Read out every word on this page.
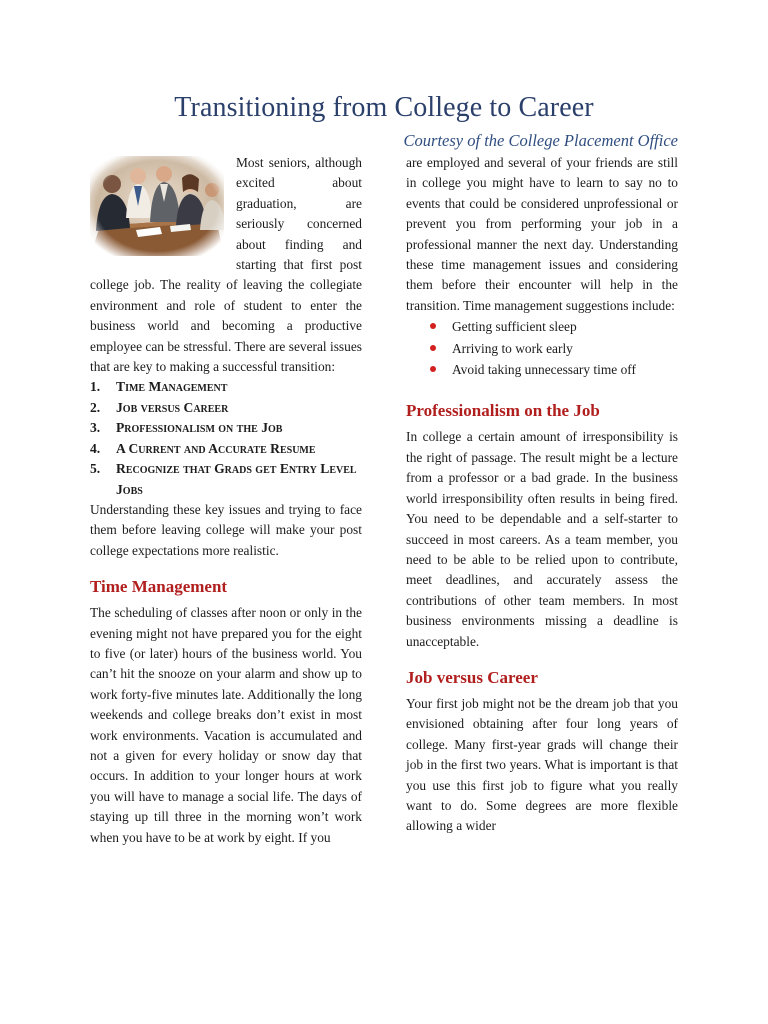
Transitioning from College to Career
Courtesy of the College Placement Office

Most seniors, although excited about graduation, are seriously concerned about finding and starting that first post college job. The reality of leaving the collegiate environment and role of student to enter the business world and becoming a productive employee can be stressful. There are several issues that are key to making a successful transition:

1. Time Management
2. Job versus Career
3. Professionalism on the Job
4. A Current and Accurate Resume
5. Recognize that Grads get Entry Level Jobs

Understanding these key issues and trying to face them before leaving college will make your post college expectations more realistic.

Time Management

The scheduling of classes after noon or only in the evening might not have prepared you for the eight to five (or later) hours of the business world. You can’t hit the snooze on your alarm and show up to work forty-five minutes late. Additionally the long weekends and college breaks don’t exist in most work environments. Vacation is accumulated and not a given for every holiday or snow day that occurs. In addition to your longer hours at work you will have to manage a social life. The days of staying up till three in the morning won’t work when you have to be at work by eight. If you

are employed and several of your friends are still in college you might have to learn to say no to events that could be considered unprofessional or prevent you from performing your job in a professional manner the next day. Understanding these time management issues and considering them before their encounter will help in the transition. Time management suggestions include:

Getting sufficient sleep
Arriving to work early
Avoid taking unnecessary time off
Professionalism on the Job

In college a certain amount of irresponsibility is the right of passage. The result might be a lecture from a professor or a bad grade. In the business world irresponsibility often results in being fired. You need to be dependable and a self-starter to succeed in most careers. As a team member, you need to be able to be relied upon to contribute, meet deadlines, and accurately assess the contributions of other team members. In most business environments missing a deadline is unacceptable.

Job versus Career

Your first job might not be the dream job that you envisioned obtaining after four long years of college. Many first-year grads will change their job in the first two years. What is important is that you use this first job to figure what you really want to do. Some degrees are more flexible allowing a wider
